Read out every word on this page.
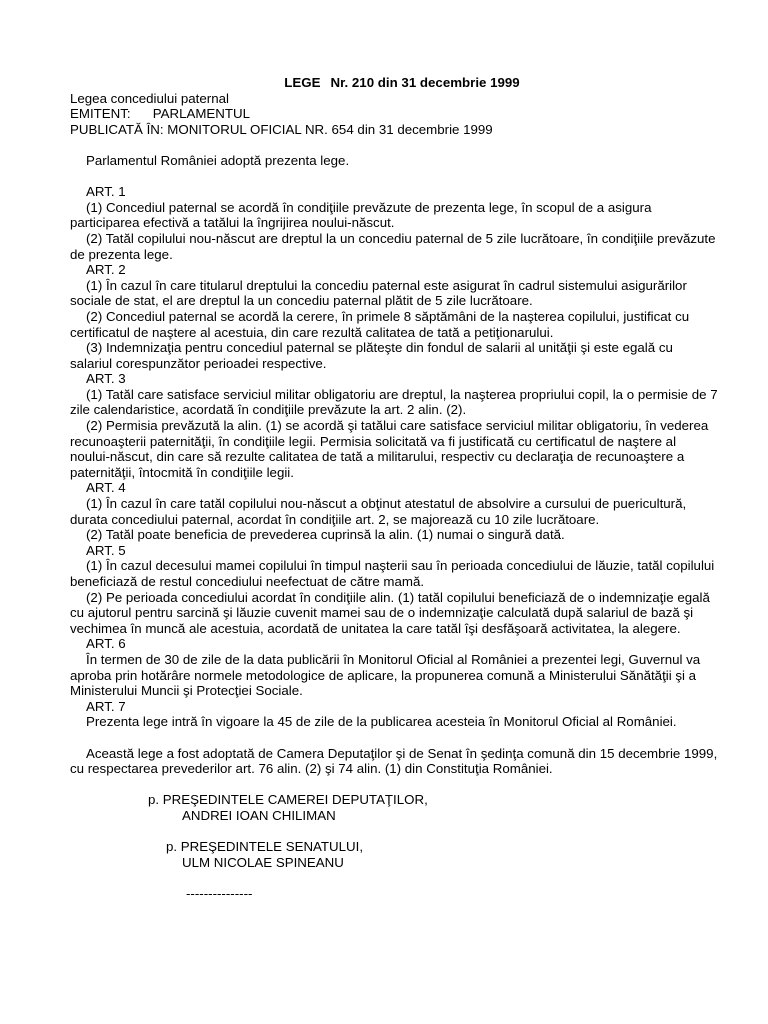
LEGE Nr. 210 din 31 decembrie 1999
Legea concediului paternal
EMITENT:      PARLAMENTUL
PUBLICATĂ ÎN: MONITORUL OFICIAL NR. 654 din 31 decembrie 1999
Parlamentul României adoptă prezenta lege.
ART. 1
(1) Concediul paternal se acordă în condiţiile prevăzute de prezenta lege, în scopul de a asigura participarea efectivă a tatălui la îngrijirea noului-născut.
(2) Tatăl copilului nou-născut are dreptul la un concediu paternal de 5 zile lucrătoare, în condiţiile prevăzute de prezenta lege.
ART. 2
(1) În cazul în care titularul dreptului la concediu paternal este asigurat în cadrul sistemului asigurărilor sociale de stat, el are dreptul la un concediu paternal plătit de 5 zile lucrătoare.
(2) Concediul paternal se acordă la cerere, în primele 8 săptămâni de la naşterea copilului, justificat cu certificatul de naştere al acestuia, din care rezultă calitatea de tată a petiţionarului.
(3) Indemnizaţia pentru concediul paternal se plăteşte din fondul de salarii al unităţii şi este egală cu salariul corespunzător perioadei respective.
ART. 3
(1) Tatăl care satisface serviciul militar obligatoriu are dreptul, la naşterea propriului copil, la o permisie de 7 zile calendaristice, acordată în condiţiile prevăzute la art. 2 alin. (2).
(2) Permisia prevăzută la alin. (1) se acordă şi tatălui care satisface serviciul militar obligatoriu, în vederea recunoaşterii paternităţii, în condiţiile legii. Permisia solicitată va fi justificată cu certificatul de naştere al noului-născut, din care să rezulte calitatea de tată a militarului, respectiv cu declaraţia de recunoaştere a paternităţii, întocmită în condiţiile legii.
ART. 4
(1) În cazul în care tatăl copilului nou-născut a obţinut atestatul de absolvire a cursului de puericultură, durata concediului paternal, acordat în condiţiile art. 2, se majorează cu 10 zile lucrătoare.
(2) Tatăl poate beneficia de prevederea cuprinsă la alin. (1) numai o singură dată.
ART. 5
(1) În cazul decesului mamei copilului în timpul naşterii sau în perioada concediului de lăuzie, tatăl copilului beneficiază de restul concediului neefectuat de către mamă.
(2) Pe perioada concediului acordat în condiţiile alin. (1) tatăl copilului beneficiază de o indemnizaţie egală cu ajutorul pentru sarcină şi lăuzie cuvenit mamei sau de o indemnizaţie calculată după salariul de bază şi vechimea în muncă ale acestuia, acordată de unitatea la care tatăl îşi desfăşoară activitatea, la alegere.
ART. 6
În termen de 30 de zile de la data publicării în Monitorul Oficial al României a prezentei legi, Guvernul va aproba prin hotărâre normele metodologice de aplicare, la propunerea comună a Ministerului Sănătăţii şi a Ministerului Muncii şi Protecţiei Sociale.
ART. 7
Prezenta lege intră în vigoare la 45 de zile de la publicarea acesteia în Monitorul Oficial al României.
Această lege a fost adoptată de Camera Deputaţilor şi de Senat în şedinţa comună din 15 decembrie 1999, cu respectarea prevederilor art. 76 alin. (2) şi 74 alin. (1) din Constituţia României.
p. PREŞEDINTELE CAMEREI DEPUTAŢILOR,
ANDREI IOAN CHILIMAN
p. PREŞEDINTELE SENATULUI,
ULM NICOLAE SPINEANU
---------------
